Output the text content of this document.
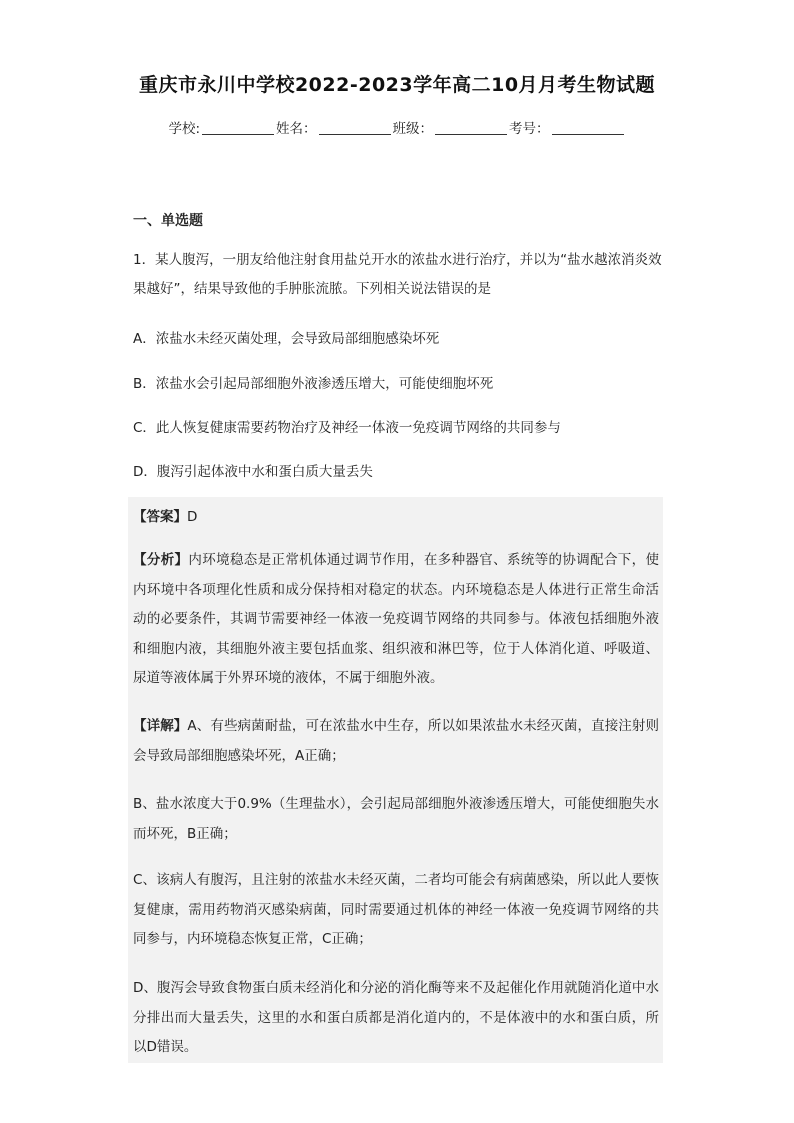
重庆市永川中学校2022-2023学年高二10月月考生物试题
学校:	姓名：	班级：	考号：
一、单选题
1．某人腹泻，一朋友给他注射食用盐兑开水的浓盐水进行治疗，并以为“盐水越浓消炎效果越好”，结果导致他的手肿胀流脓。下列相关说法错误的是
A．浓盐水未经灭菌处理，会导致局部细胞感染坏死
B．浓盐水会引起局部细胞外液渗透压增大，可能使细胞坏死
C．此人恢复健康需要药物治疗及神经一体液一免疫调节网络的共同参与
D．腹泻引起体液中水和蛋白质大量丢失
【答案】D
【分析】内环境稳态是正常机体通过调节作用，在多种器官、系统等的协调配合下，使内环境中各项理化性质和成分保持相对稳定的状态。内环境稳态是人体进行正常生命活动的必要条件，其调节需要神经一体液一免疫调节网络的共同参与。体液包括细胞外液和细胞内液，其细胞外液主要包括血浆、组织液和淋巴等，位于人体消化道、呼吸道、尿道等液体属于外界环境的液体，不属于细胞外液。
【详解】A、有些病菌耐盐，可在浓盐水中生存，所以如果浓盐水未经灭菌，直接注射则会导致局部细胞感染坏死，A正确；
B、盐水浓度大于0.9%（生理盐水），会引起局部细胞外液渗透压增大，可能使细胞失水而坏死，B正确；
C、该病人有腹泻，且注射的浓盐水未经灭菌，二者均可能会有病菌感染，所以此人要恢复健康，需用药物消灭感染病菌，同时需要通过机体的神经一体液一免疫调节网络的共同参与，内环境稳态恢复正常，C正确；
D、腹泻会导致食物蛋白质未经消化和分泌的消化酶等来不及起催化作用就随消化道中水分排出而大量丢失，这里的水和蛋白质都是消化道内的，不是体液中的水和蛋白质，所以D错误。
